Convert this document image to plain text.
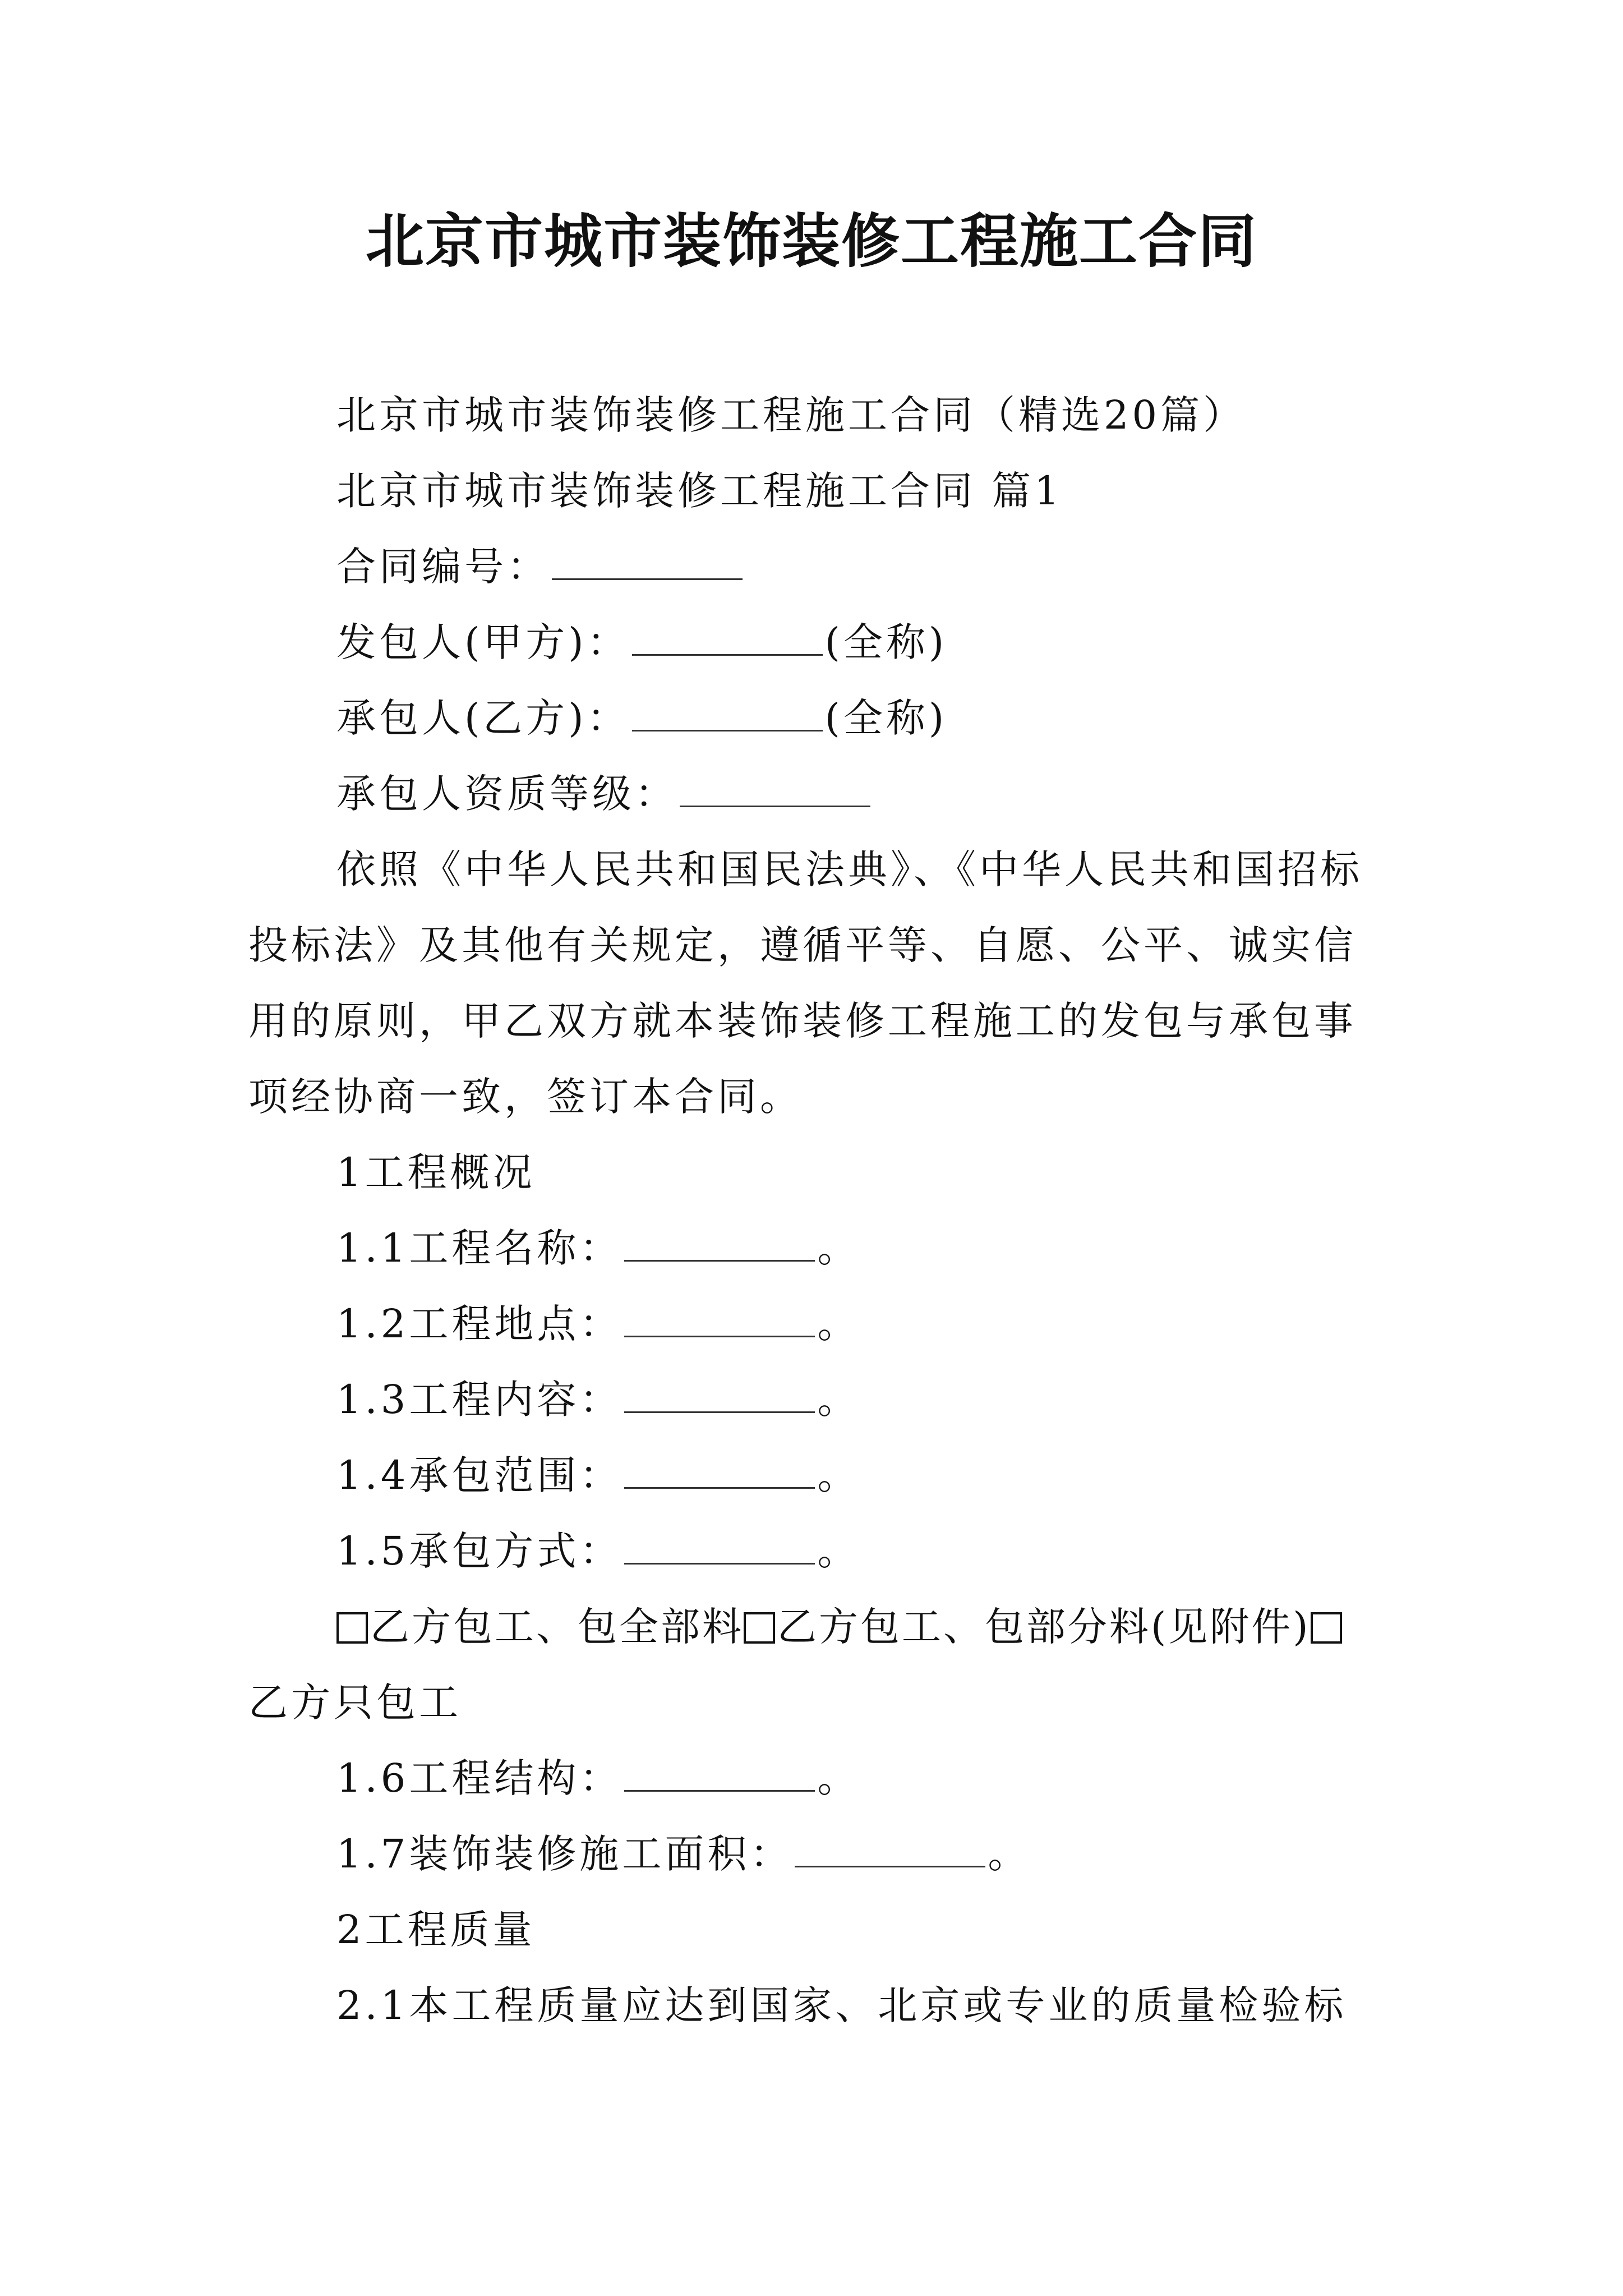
北京市城市装饰装修工程施工合同
北京市城市装饰装修工程施工合同（精选20篇）
北京市城市装饰装修工程施工合同 篇1
合同编号：
发包人(甲方)：	(全称)
承包人(乙方)：	(全称)
承包人资质等级：
依照《中华人民共和国民法典》、《中华人民共和国招标
投标法》及其他有关规定，遵循平等、自愿、公平、诚实信
用的原则，甲乙双方就本装饰装修工程施工的发包与承包事
项经协商一致，签订本合同。
1工程概况
1.1工程名称：	。
1.2工程地点：	。
1.3工程内容：	。
1.4承包范围：	。
1.5承包方式：	。
乙方包工、包全部料 乙方包工、包部分料(见附件)
乙方只包工
1.6工程结构：	。
1.7装饰装修施工面积：	。
2工程质量
2.1本工程质量应达到国家、北京或专业的质量检验标
